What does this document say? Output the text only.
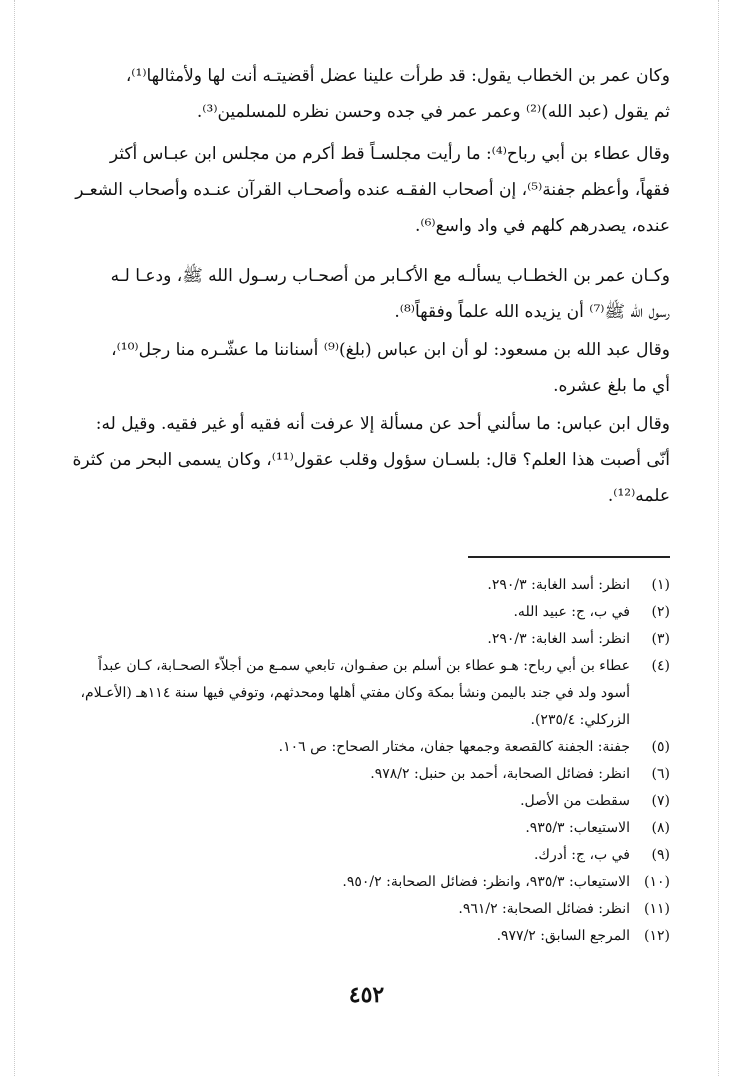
وكان عمر بن الخطاب يقول: قد طرأت علينا عضل أقضيتـه أنت لها ولأمثالها⁽¹⁾،
ثم يقول (عبد الله)⁽²⁾ وعمر عمر في جده وحسن نظره للمسلمين⁽³⁾.
وقال عطاء بن أبي رباح⁽⁴⁾: ما رأيت مجلسـاً قط أكرم من مجلس ابن عبـاس أكثر
فقهاً، وأعظم جفنة⁽⁵⁾، إن أصحاب الفقـه عنده وأصحـاب القرآن عنـده وأصحاب الشعـر
عنده، يصدرهم كلهم في واد واسع⁽⁶⁾.
وكـان عمر بن الخطـاب يسألـه مع الأكـابر من أصحـاب رسـول الله ﷺ، ودعـا لـه
رسول الله ﷺ⁽⁷⁾ أن يزيده الله علماً وفقهاً⁽⁸⁾.
وقال عبد الله بن مسعود: لو أن ابن عباس (بلغ)⁽⁹⁾ أسناننا ما عشّـره منا رجل⁽¹⁰⁾،
أي ما بلغ عشره.
وقال ابن عباس: ما سألني أحد عن مسألة إلا عرفت أنه فقيه أو غير فقيه. وقيل له:
أنّى أصبت هذا العلم؟ قال: بلسـان سؤول وقلب عقول⁽¹¹⁾، وكان يسمى البحر من كثرة
علمه⁽¹²⁾.
(١)انظر: أسد الغابة: ٢٩٠/٣.
(٢)في ب، ج: عبيد الله.
(٣)انظر: أسد الغابة: ٢٩٠/٣.
(٤)عطاء بن أبي رباح: هـو عطاء بن أسلم بن صفـوان، تابعي سمـع من أجلاّء الصحـابة، كـان عبداً
أسود ولد في جند باليمن ونشأ بمكة وكان مفتي أهلها ومحدثهم، وتوفي فيها سنة ١١٤هـ (الأعـلام،
الزركلي: ٢٣٥/٤).
(٥)جفنة: الجفنة كالقصعة وجمعها جفان، مختار الصحاح: ص ١٠٦.
(٦)انظر: فضائل الصحابة، أحمد بن حنبل: ٩٧٨/٢.
(٧)سقطت من الأصل.
(٨)الاستيعاب: ٩٣٥/٣.
(٩)في ب، ج: أدرك.
(١٠)الاستيعاب: ٩٣٥/٣، وانظر: فضائل الصحابة: ٩٥٠/٢.
(١١)انظر: فضائل الصحابة: ٩٦١/٢.
(١٢)المرجع السابق: ٩٧٧/٢.
٤٥٢
